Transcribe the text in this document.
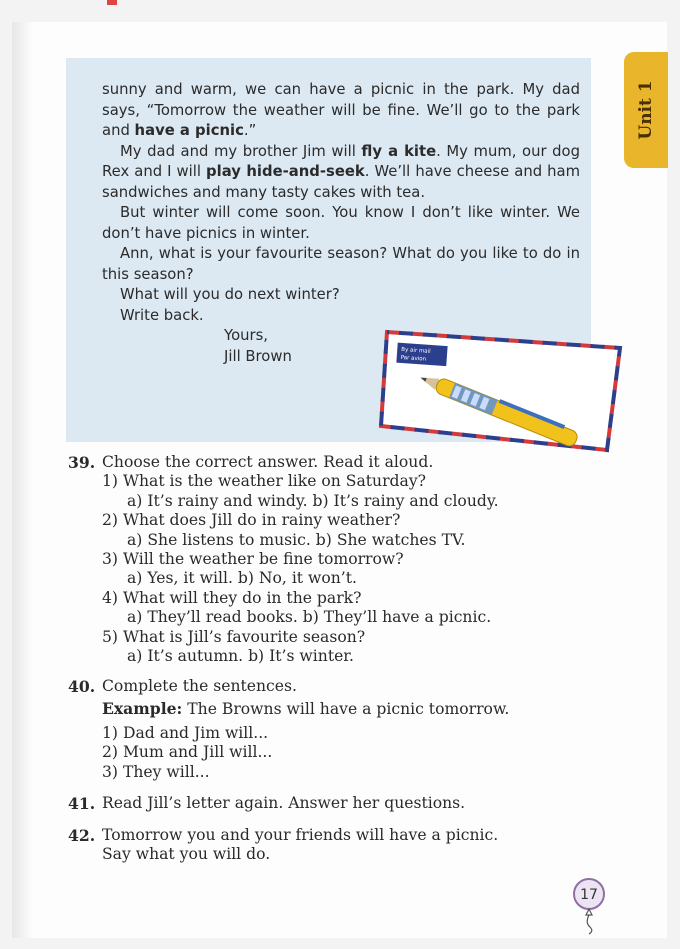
Unit 1

sunny and warm, we can have a picnic in the park. My dad says, “Tomorrow the weather will be fine. We’ll go to the park and have a picnic.”

My dad and my brother Jim will fly a kite. My mum, our dog Rex and I will play hide-and-seek. We’ll have cheese and ham sandwiches and many tasty cakes with tea.

But winter will come soon. You know I don’t like winter. We don’t have picnics in winter.

Ann, what is your favourite season? What do you like to do in this season?

What will you do next winter?

Write back.

Yours,

Jill Brown	By air mail
Par avion
39. Choose the correct answer. Read it aloud.
1) What is the weather like on Saturday?
a) It’s rainy and windy. b) It’s rainy and cloudy.
2) What does Jill do in rainy weather?
a) She listens to music. b) She watches TV.
3) Will the weather be fine tomorrow?
a) Yes, it will. b) No, it won’t.
4) What will they do in the park?
a) They’ll read books. b) They’ll have a picnic.
5) What is Jill’s favourite season?
a) It’s autumn. b) It’s winter.
40. Complete the sentences.
Example: The Browns will have a picnic tomorrow.
1) Dad and Jim will...
2) Mum and Jill will...
3) They will...
41. Read Jill’s letter again. Answer her questions.
42. Tomorrow you and your friends will have a picnic.
Say what you will do.
17
